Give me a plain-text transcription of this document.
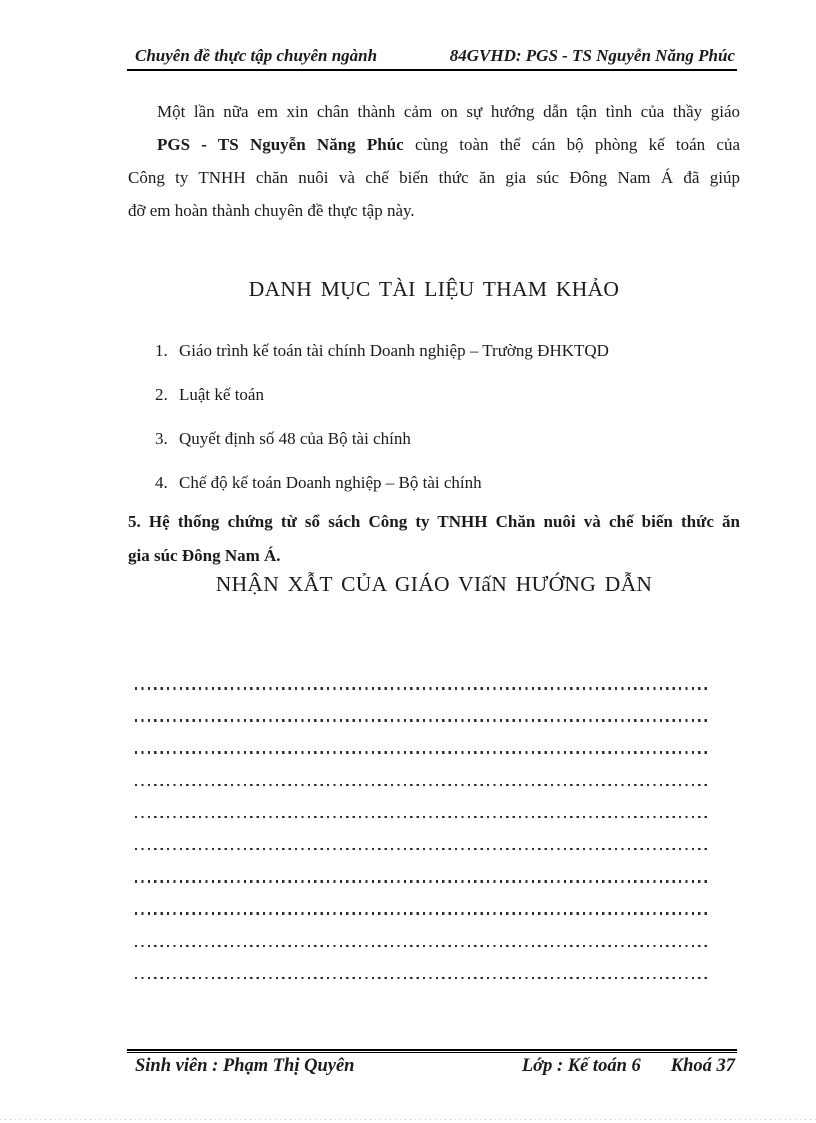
Chuyên đề thực tập chuyên ngành	84GVHD: PGS - TS Nguyễn Năng Phúc
Một lần nữa em xin chân thành cảm on sự hướng dẫn tận tình của thầy giáo
PGS - TS Nguyễn Năng Phúc cùng toàn thể cán bộ phòng kế toán của
Công ty TNHH chăn nuôi và chế biến thức ăn gia súc Đông Nam Á đã giúp
đỡ em hoàn thành chuyên đề thực tập này.
DANH MỤC TÀI LIỆU THAM KHẢO
1. Giáo trình kế toán tài chính Doanh nghiệp – Trường ĐHKTQD
2. Luật kế toán
3. Quyết định số 48 của Bộ tài chính
4. Chế độ kế toán Doanh nghiệp – Bộ tài chính
5. Hệ thống chứng từ sổ sách Công ty TNHH Chăn nuôi và chế biến thức ăn
gia súc Đông Nam Á.
NHẬN XẪT CỦA GIÁO VIấN HƯỚNG DẪN
Sinh viên : Phạm Thị Quyên	Lớp : Kế toán 6 Khoá 37
